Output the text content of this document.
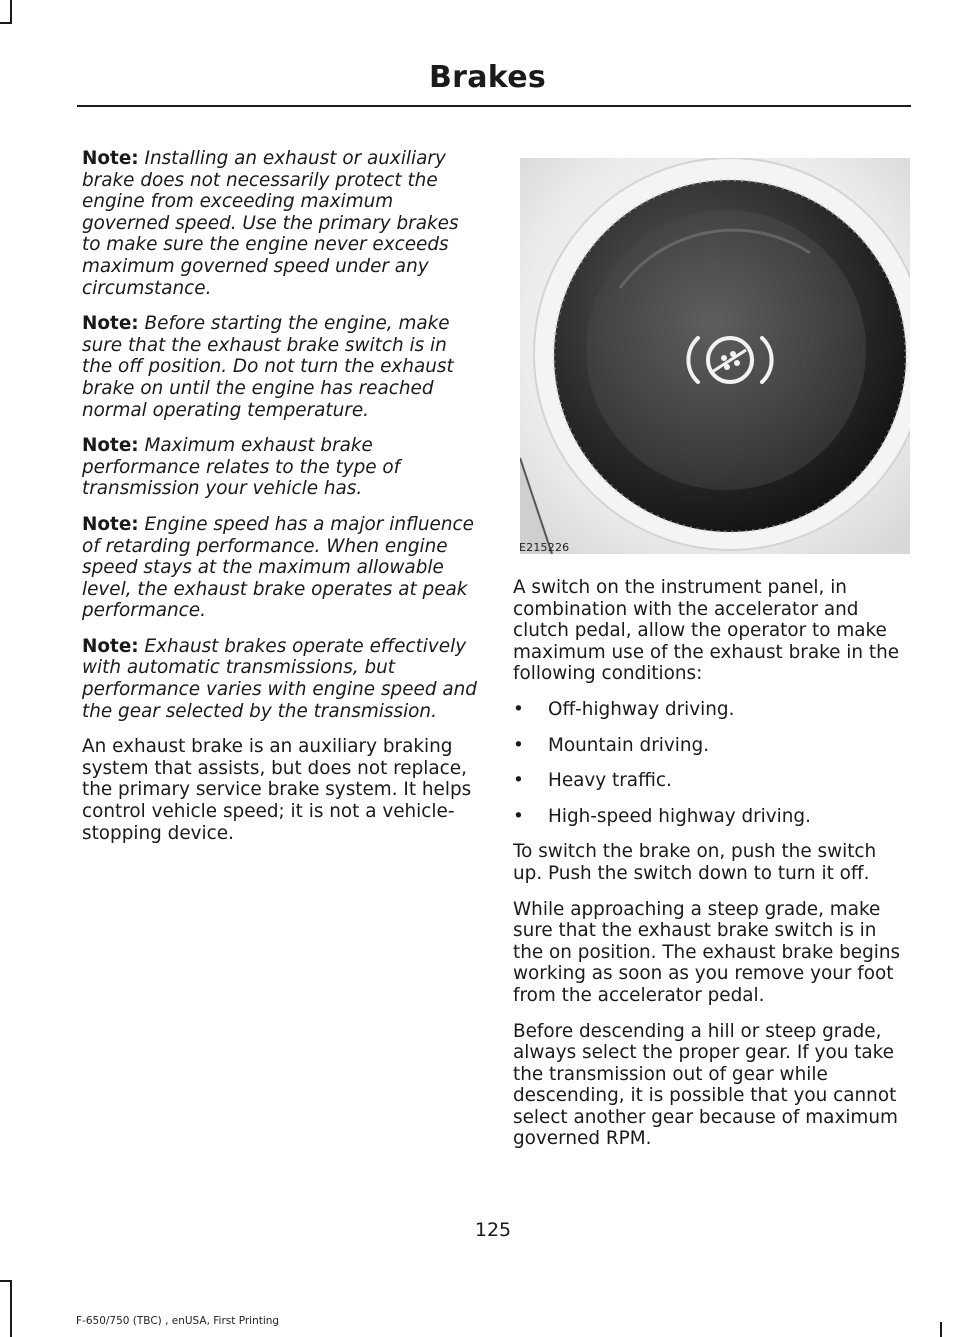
Brakes

Note: Installing an exhaust or auxiliary brake does not necessarily protect the engine from exceeding maximum governed speed. Use the primary brakes to make sure the engine never exceeds maximum governed speed under any circumstance.

Note: Before starting the engine, make sure that the exhaust brake switch is in the off position. Do not turn the exhaust brake on until the engine has reached normal operating temperature.

Note: Maximum exhaust brake performance relates to the type of transmission your vehicle has.

Note: Engine speed has a major influence of retarding performance. When engine speed stays at the maximum allowable level, the exhaust brake operates at peak performance.

Note: Exhaust brakes operate effectively with automatic transmissions, but performance varies with engine speed and the gear selected by the transmission.

An exhaust brake is an auxiliary braking system that assists, but does not replace, the primary service brake system. It helps control vehicle speed; it is not a vehicle-stopping device.

E215226

A switch on the instrument panel, in combination with the accelerator and clutch pedal, allow the operator to make maximum use of the exhaust brake in the following conditions:

• Off-highway driving.
• Mountain driving.
• Heavy traffic.
• High-speed highway driving.

To switch the brake on, push the switch up. Push the switch down to turn it off.

While approaching a steep grade, make sure that the exhaust brake switch is in the on position. The exhaust brake begins working as soon as you remove your foot from the accelerator pedal.

Before descending a hill or steep grade, always select the proper gear. If you take the transmission out of gear while descending, it is possible that you cannot select another gear because of maximum governed RPM.

125
F-650/750 (TBC) , enUSA, First Printing
